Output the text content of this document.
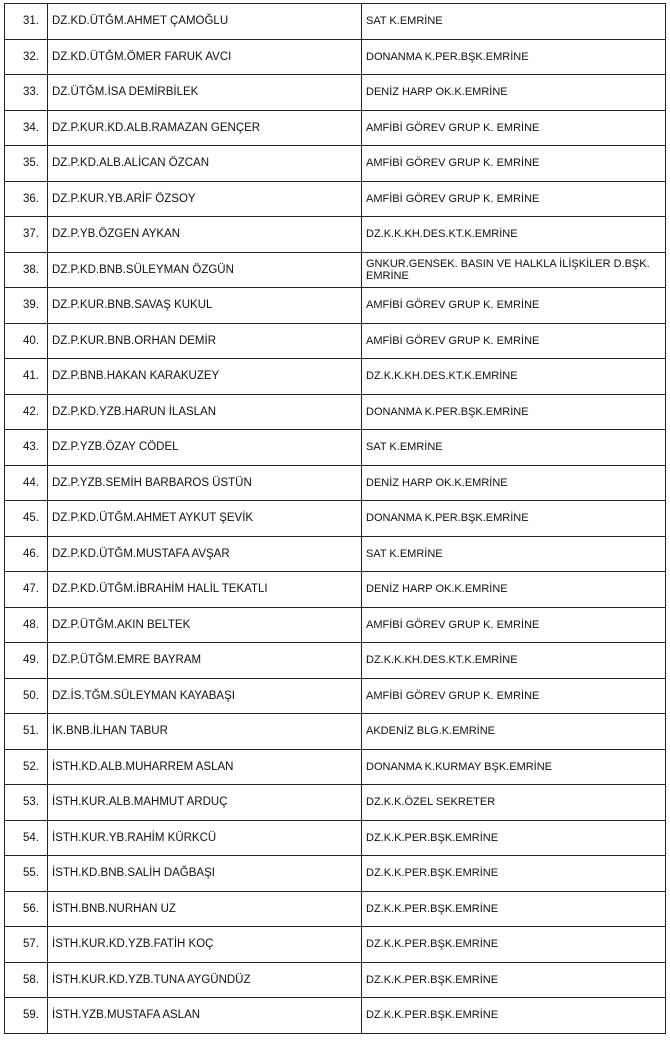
31.	DZ.KD.ÜTĞM.AHMET ÇAMOĞLU	SAT K.EMRİNE
32.	DZ.KD.ÜTĞM.ÖMER FARUK AVCI	DONANMA K.PER.BŞK.EMRİNE
33.	DZ.ÜTĞM.İSA DEMİRBİLEK	DENİZ HARP OK.K.EMRİNE
34.	DZ.P.KUR.KD.ALB.RAMAZAN GENÇER	AMFİBİ GÖREV GRUP K. EMRİNE
35.	DZ.P.KD.ALB.ALİCAN ÖZCAN	AMFİBİ GÖREV GRUP K. EMRİNE
36.	DZ.P.KUR.YB.ARİF ÖZSOY	AMFİBİ GÖREV GRUP K. EMRİNE
37.	DZ.P.YB.ÖZGEN AYKAN	DZ.K.K.KH.DES.KT.K.EMRİNE
38.	DZ.P.KD.BNB.SÜLEYMAN ÖZGÜN	GNKUR.GENSEK. BASIN VE HALKLA İLİŞKİLER D.BŞK. EMRİNE
39.	DZ.P.KUR.BNB.SAVAŞ KUKUL	AMFİBİ GÖREV GRUP K. EMRİNE
40.	DZ.P.KUR.BNB.ORHAN DEMİR	AMFİBİ GÖREV GRUP K. EMRİNE
41.	DZ.P.BNB.HAKAN KARAKUZEY	DZ.K.K.KH.DES.KT.K.EMRİNE
42.	DZ.P.KD.YZB.HARUN İLASLAN	DONANMA K.PER.BŞK.EMRİNE
43.	DZ.P.YZB.ÖZAY CÖDEL	SAT K.EMRİNE
44.	DZ.P.YZB.SEMİH BARBAROS ÜSTÜN	DENİZ HARP OK.K.EMRİNE
45.	DZ.P.KD.ÜTĞM.AHMET AYKUT ŞEVİK	DONANMA K.PER.BŞK.EMRİNE
46.	DZ.P.KD.ÜTĞM.MUSTAFA AVŞAR	SAT K.EMRİNE
47.	DZ.P.KD.ÜTĞM.İBRAHİM HALİL TEKATLI	DENİZ HARP OK.K.EMRİNE
48.	DZ.P.ÜTĞM.AKIN BELTEK	AMFİBİ GÖREV GRUP K. EMRİNE
49.	DZ.P.ÜTĞM.EMRE BAYRAM	DZ.K.K.KH.DES.KT.K.EMRİNE
50.	DZ.İS.TĞM.SÜLEYMAN KAYABAŞI	AMFİBİ GÖREV GRUP K. EMRİNE
51.	İK.BNB.İLHAN TABUR	AKDENİZ BLG.K.EMRİNE
52.	İSTH.KD.ALB.MUHARREM ASLAN	DONANMA K.KURMAY BŞK.EMRİNE
53.	İSTH.KUR.ALB.MAHMUT ARDUÇ	DZ.K.K.ÖZEL SEKRETER
54.	İSTH.KUR.YB.RAHİM KÜRKCÜ	DZ.K.K.PER.BŞK.EMRİNE
55.	İSTH.KD.BNB.SALİH DAĞBAŞI	DZ.K.K.PER.BŞK.EMRİNE
56.	İSTH.BNB.NURHAN UZ	DZ.K.K.PER.BŞK.EMRİNE
57.	İSTH.KUR.KD.YZB.FATİH KOÇ	DZ.K.K.PER.BŞK.EMRİNE
58.	İSTH.KUR.KD.YZB.TUNA AYGÜNDÜZ	DZ.K.K.PER.BŞK.EMRİNE
59.	İSTH.YZB.MUSTAFA ASLAN	DZ.K.K.PER.BŞK.EMRİNE
